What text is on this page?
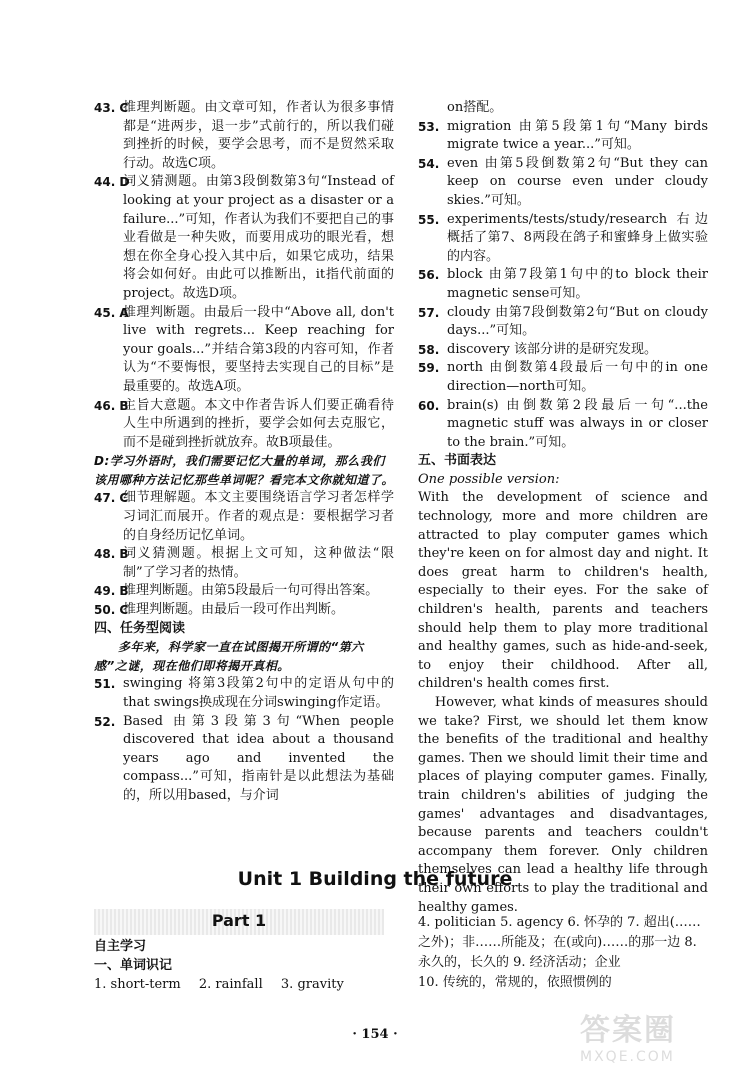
43. C
推理判断题。由文章可知，作者认为很多事情都是“进两步，退一步”式前行的，所以我们碰到挫折的时候，要学会思考，而不是贸然采取行动。故选C项。
44. D
词义猜测题。由第3段倒数第3句“Instead of looking at your project as a disaster or a failure...”可知，作者认为我们不要把自己的事业看做是一种失败，而要用成功的眼光看，想想在你全身心投入其中后，如果它成功，结果将会如何好。由此可以推断出，it指代前面的project。故选D项。
45. A
推理判断题。由最后一段中“Above all, don't live with regrets... Keep reaching for your goals...”并结合第3段的内容可知，作者认为“不要悔恨，要坚持去实现自己的目标”是最重要的。故选A项。
46. B
主旨大意题。本文中作者告诉人们要正确看待人生中所遇到的挫折，要学会如何去克服它，而不是碰到挫折就放弃。故B项最佳。
D:学习外语时，我们需要记忆大量的单词，那么我们该用哪种方法记忆那些单词呢？看完本文你就知道了。
47. C
细节理解题。本文主要围绕语言学习者怎样学习词汇而展开。作者的观点是：要根据学习者的自身经历记忆单词。
48. B
词义猜测题。根据上文可知，这种做法“限制”了学习者的热情。
49. B
推理判断题。由第5段最后一句可得出答案。
50. C
推理判断题。由最后一段可作出判断。
四、任务型阅读
多年来，科学家一直在试图揭开所谓的“第六感”之谜，现在他们即将揭开真相。
51. swinging 将第3段第2句中的定语从句中的that swings换成现在分词swinging作定语。
52. Based 由第3段第3句“When people discovered that idea about a thousand years ago and invented the compass...”可知，指南针是以此想法为基础的，所以用based，与介词
on搭配。
53. migration 由第5段第1句“Many birds migrate twice a year...”可知。
54. even 由第5段倒数第2句“But they can keep on course even under cloudy skies.”可知。
55. experiments/tests/study/research 右边概括了第7、8两段在鸽子和蜜蜂身上做实验的内容。
56. block 由第7段第1句中的to block their magnetic sense可知。
57. cloudy 由第7段倒数第2句“But on cloudy days...”可知。
58. discovery 该部分讲的是研究发现。
59. north 由倒数第4段最后一句中的in one direction—north可知。
60. brain(s) 由倒数第2段最后一句“...the magnetic stuff was always in or closer to the brain.”可知。
五、书面表达
One possible version:

With the development of science and technology, more and more children are attracted to play computer games which they're keen on for almost day and night. It does great harm to children's health, especially to their eyes. For the sake of children's health, parents and teachers should help them to play more traditional and healthy games, such as hide-and-seek, to enjoy their childhood. After all, children's health comes first.

However, what kinds of measures should we take? First, we should let them know the benefits of the traditional and healthy games. Then we should limit their time and places of playing computer games. Finally, train children's abilities of judging the games' advantages and disadvantages, because parents and teachers couldn't accompany them forever. Only children themselves can lead a healthy life through their own efforts to play the traditional and healthy games.

Unit 1 Building the future
Part 1
自主学习
一、单词识记
1. short-term 2. rainfall 3. gravity
4. politician 5. agency 6. 怀孕的 7. 超出(……之外)；非……所能及；在(或向)……的那一边 8. 永久的，长久的 9. 经济活动；企业
10. 传统的，常规的，依照惯例的
· 154 ·	答案圈
MXQE.COM
